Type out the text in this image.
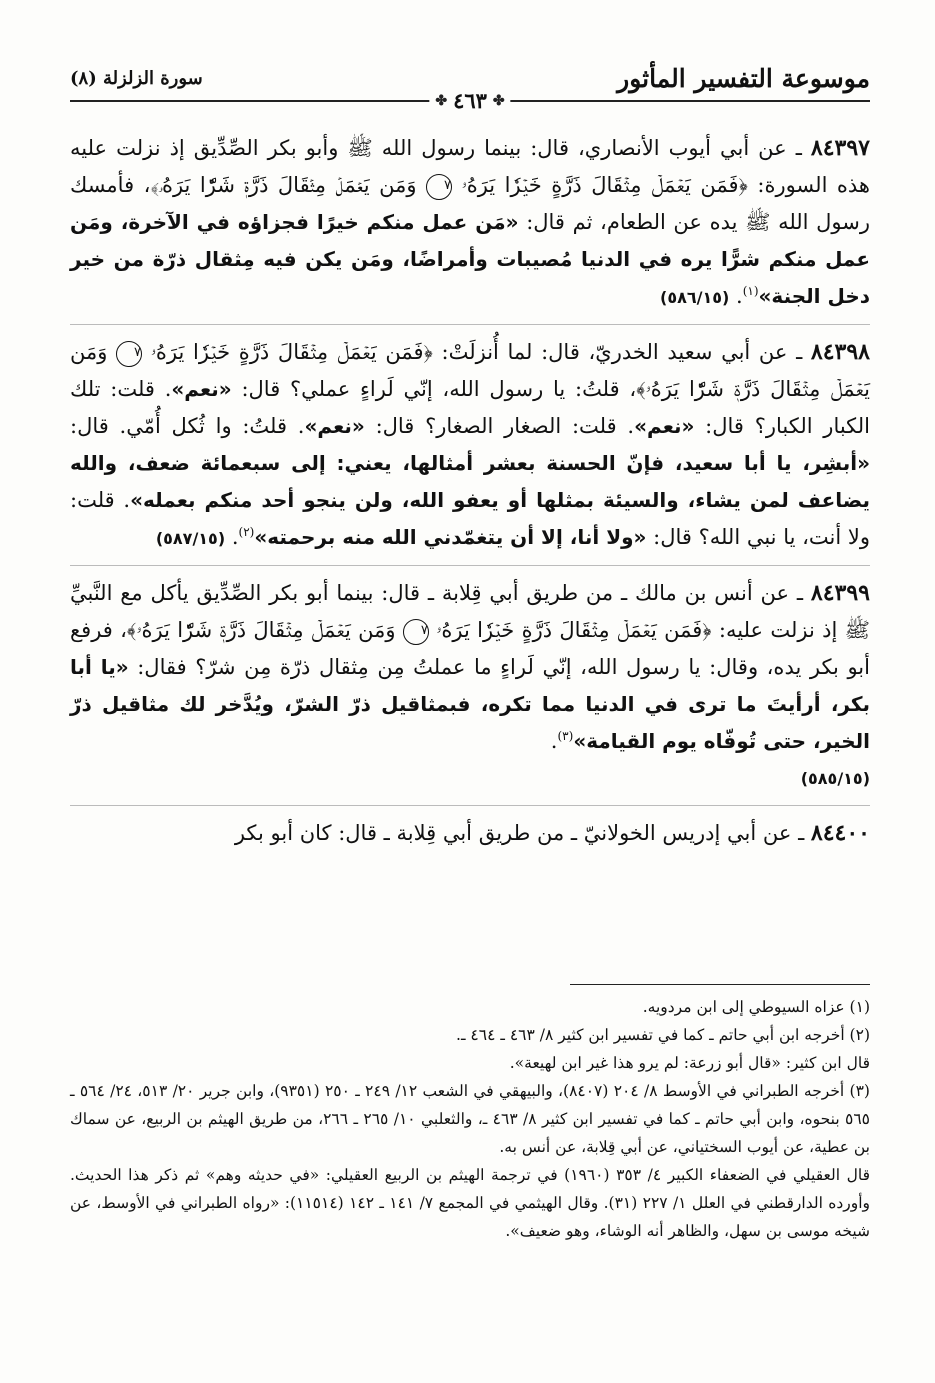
موسوعة التفسير المأثور
سورة الزلزلة (٨)
✤
٤٦٣
✤

٨٤٣٩٧ ـ عن أبي أيوب الأنصاري، قال: بينما رسول الله ﷺ وأبو بكر الصِّدِّيق إذ نزلت عليه هذه السورة: ﴿فَمَن يَعۡمَلۡ مِثۡقَالَ ذَرَّةٍ خَيۡرٗا يَرَهُۥ ٧ وَمَن يَعۡمَلۡ مِثۡقَالَ ذَرَّةٖ شَرّٗا يَرَهُۥ﴾، فأمسك رسول الله ﷺ يده عن الطعام، ثم قال: «مَن عمل منكم خيرًا فجزاؤه في الآخرة، ومَن عمل منكم شرًّا يره في الدنيا مُصيبات وأمراضًا، ومَن يكن فيه مِثقال ذرّة من خير دخل الجنة»$^{(١)}$. (٥٨٦/١٥)

٨٤٣٩٨ ـ عن أبي سعيد الخدريّ، قال: لما أُنزلَتْ: ﴿فَمَن يَعۡمَلۡ مِثۡقَالَ ذَرَّةٍ خَيۡرٗا يَرَهُۥ ٧ وَمَن يَعۡمَلۡ مِثۡقَالَ ذَرَّةٖ شَرّٗا يَرَهُۥ﴾، قلتُ: يا رسول الله، إنّي لَراءٍ عملي؟ قال: «نعم». قلت: تلك الكبار الكبار؟ قال: «نعم». قلت: الصغار الصغار؟ قال: «نعم». قلتُ: وا ثُكل أُمّي. قال: «أبشِر، يا أبا سعيد، فإنّ الحسنة بعشر أمثالها، يعني: إلى سبعمائة ضعف، والله يضاعف لمن يشاء، والسيئة بمثلها أو يعفو الله، ولن ينجو أحد منكم بعمله». قلت: ولا أنت، يا نبي الله؟ قال: «ولا أنا، إلا أن يتغمّدني الله منه برحمته»$^{(٢)}$. (٥٨٧/١٥)

٨٤٣٩٩ ـ عن أنس بن مالك ـ من طريق أبي قِلابة ـ قال: بينما أبو بكر الصِّدِّيق يأكل مع النَّبيِّ ﷺ إذ نزلت عليه: ﴿فَمَن يَعۡمَلۡ مِثۡقَالَ ذَرَّةٍ خَيۡرٗا يَرَهُۥ ٧ وَمَن يَعۡمَلۡ مِثۡقَالَ ذَرَّةٖ شَرّٗا يَرَهُۥ﴾، فرفع أبو بكر يده، وقال: يا رسول الله، إنّي لَراءٍ ما عملتُ مِن مِثقال ذرّة مِن شرّ؟ فقال: «يا أبا بكر، أرأيتَ ما ترى في الدنيا مما تكره، فبمثاقيل ذرّ الشرّ، ويُدَّخر لك مثاقيل ذرّ الخير، حتى تُوفّاه يوم القيامة»$^{(٣)}$.
(٥٨٥/١٥)

٨٤٤٠٠ ـ عن أبي إدريس الخولانيّ ـ من طريق أبي قِلابة ـ قال: كان أبو بكر

(١) عزاه السيوطي إلى ابن مردويه.

(٢) أخرجه ابن أبي حاتم ـ كما في تفسير ابن كثير ٨/ ٤٦٣ ـ ٤٦٤ ـ.

قال ابن كثير: «قال أبو زرعة: لم يرو هذا غير ابن لهيعة».

(٣) أخرجه الطبراني في الأوسط ٨/ ٢٠٤ (٨٤٠٧)، والبيهقي في الشعب ١٢/ ٢٤٩ ـ ٢٥٠ (٩٣٥١)، وابن جرير ٢٠/ ٥١٣، ٢٤/ ٥٦٤ ـ ٥٦٥ بنحوه، وابن أبي حاتم ـ كما في تفسير ابن كثير ٨/ ٤٦٣ ـ، والثعلبي ١٠/ ٢٦٥ ـ ٢٦٦، من طريق الهيثم بن الربيع، عن سماك بن عطية، عن أيوب السختياني، عن أبي قِلابة، عن أنس به.

قال العقيلي في الضعفاء الكبير ٤/ ٣٥٣ (١٩٦٠) في ترجمة الهيثم بن الربيع العقيلي: «في حديثه وهم» ثم ذكر هذا الحديث. وأورده الدارقطني في العلل ١/ ٢٢٧ (٣١). وقال الهيثمي في المجمع ٧/ ١٤١ ـ ١٤٢ (١١٥١٤): «رواه الطبراني في الأوسط، عن شيخه موسى بن سهل، والظاهر أنه الوشاء، وهو ضعيف».
